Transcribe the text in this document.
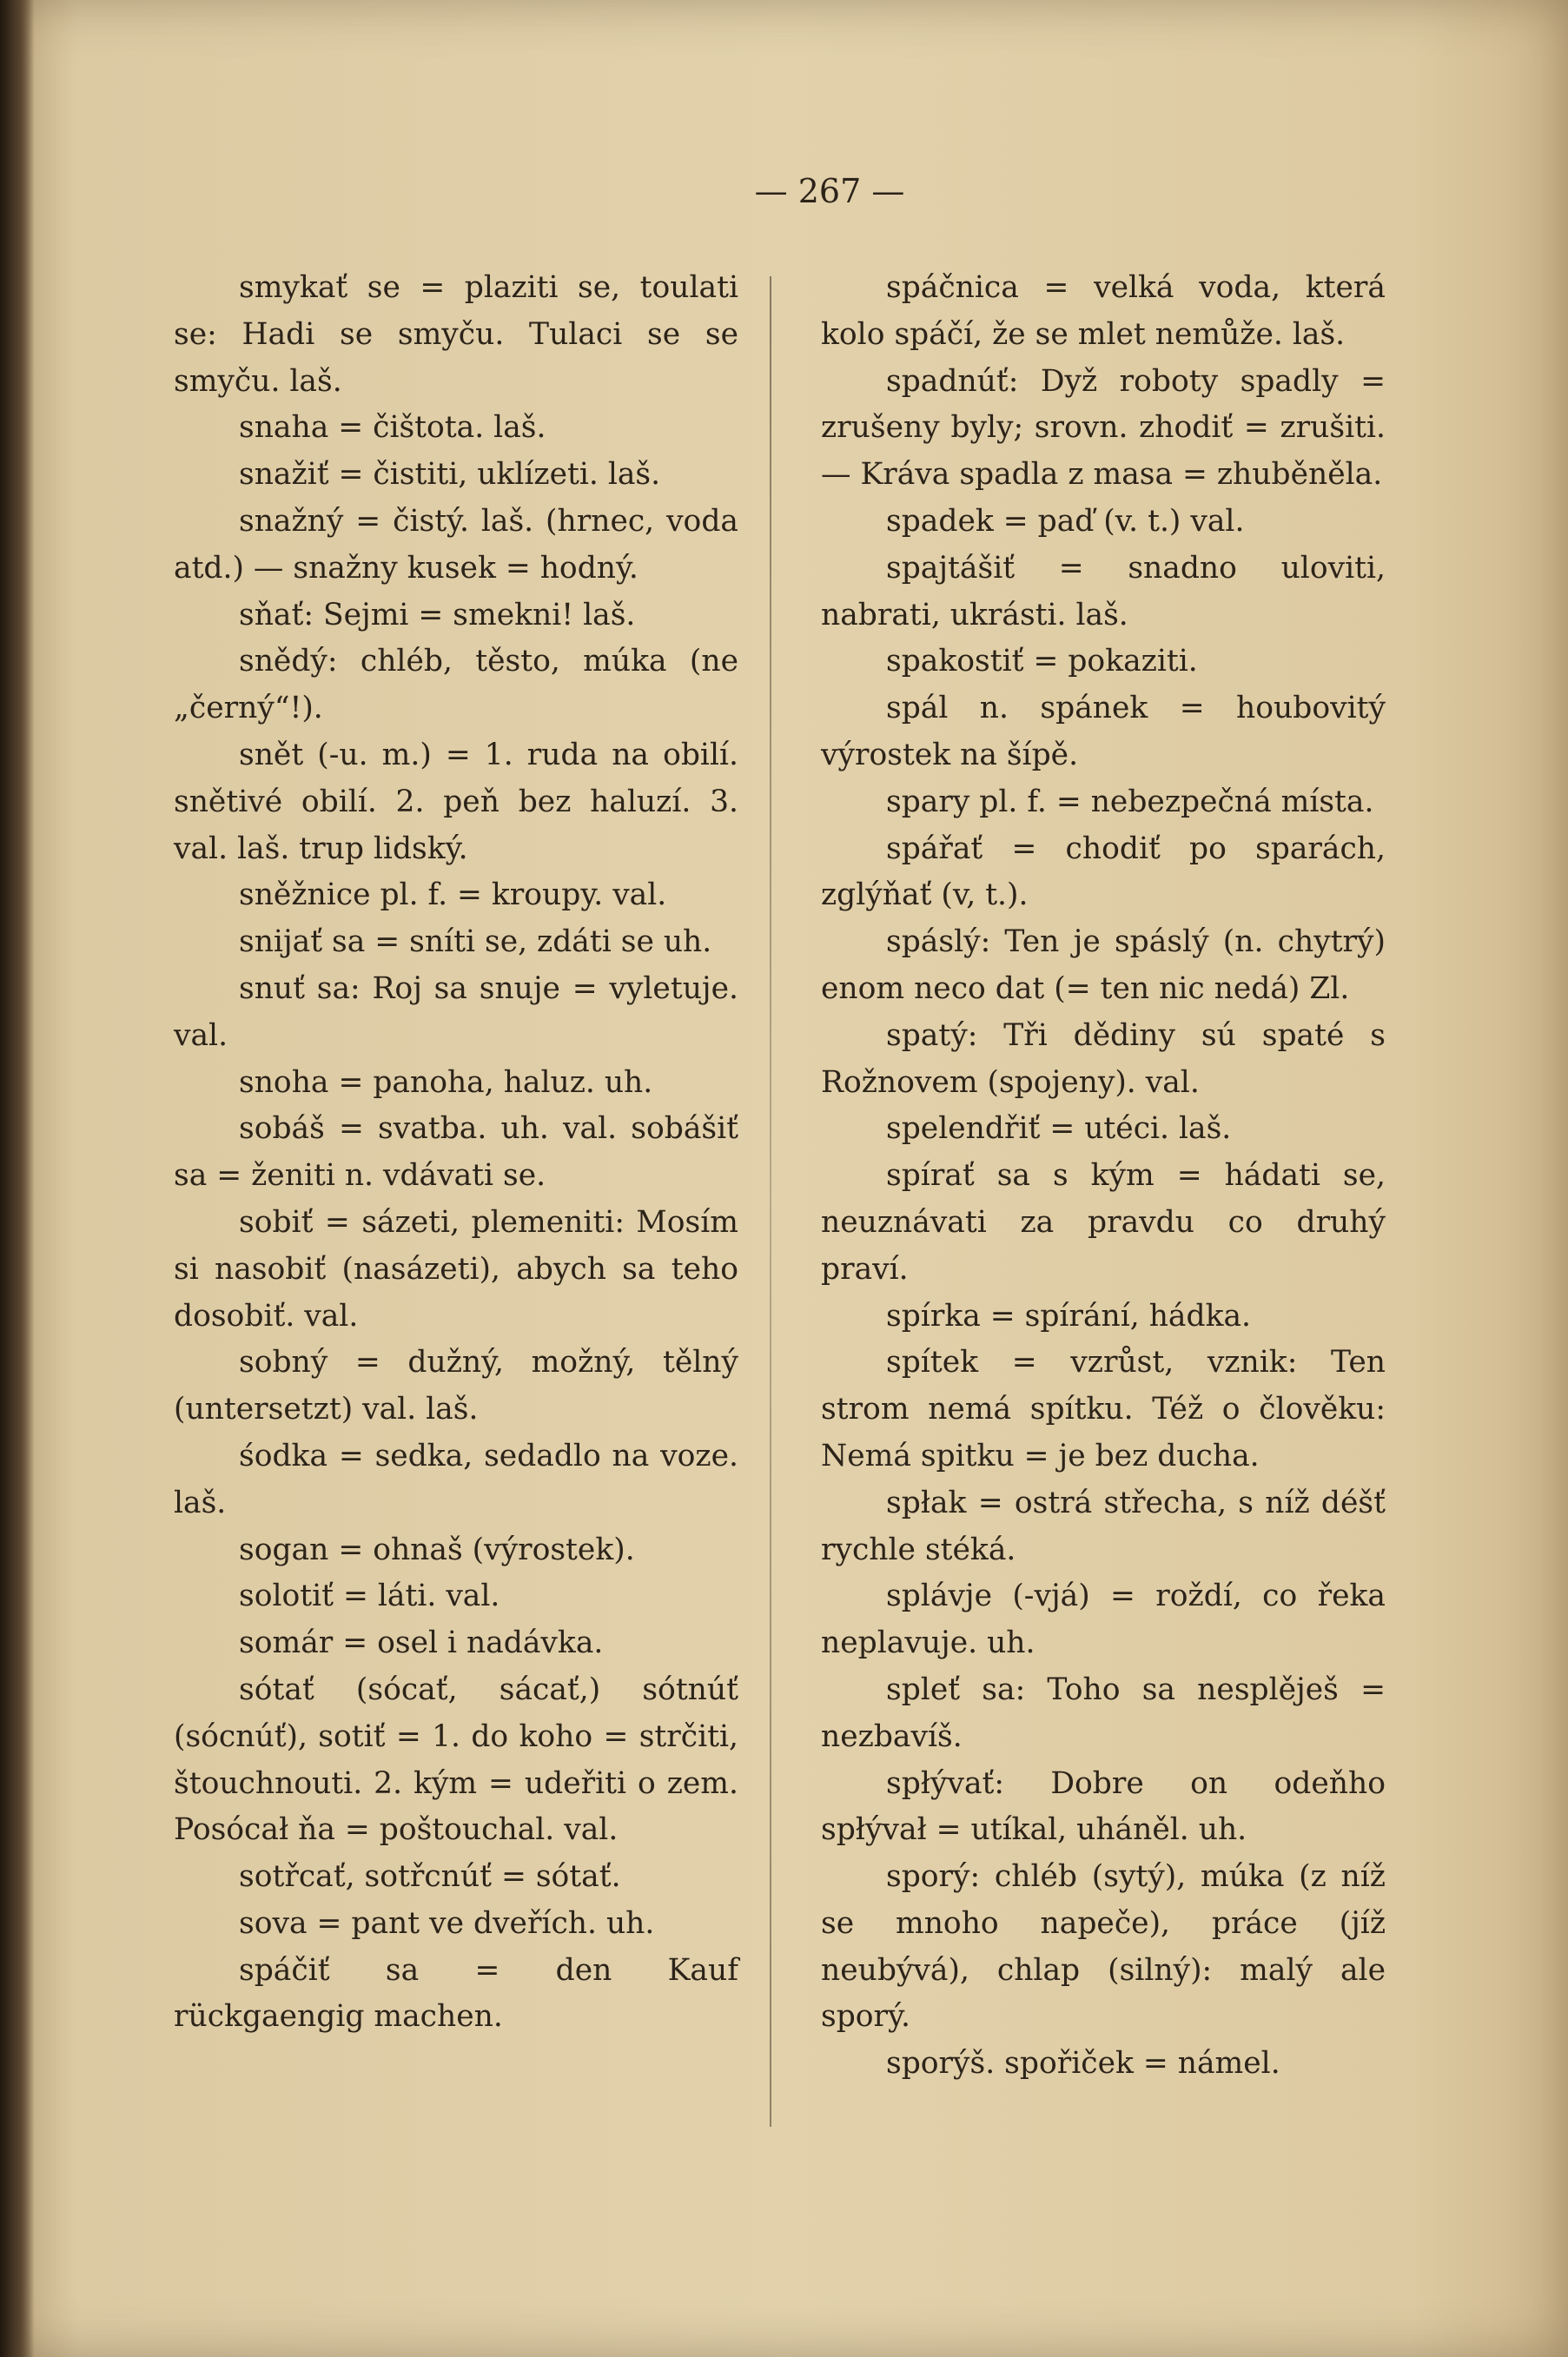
— 267 —
smykať se = plaziti se, toulati se: Hadi se smyču. Tulaci se se smyču. laš.
snaha = čištota. laš.
snažiť = čistiti, uklízeti. laš.
snažný = čistý. laš. (hrnec, voda atd.) — snažny kusek = hodný.
sňať: Sejmi = smekni! laš.
snědý: chléb, těsto, múka (ne „černý“!).
snět (-u. m.) = 1. ruda na obilí. snětivé obilí. 2. peň bez haluzí. 3. val. laš. trup lidský.
sněžnice pl. f. = kroupy. val.
snijať sa = sníti se, zdáti se uh.
snuť sa: Roj sa snuje = vyletuje. val.
snoha = panoha, haluz. uh.
sobáš = svatba. uh. val. sobášiť sa = ženiti n. vdávati se.
sobiť = sázeti, plemeniti: Mosím si nasobiť (nasázeti), abych sa teho dosobiť. val.
sobný = dužný, možný, tělný (untersetzt) val. laš.
śodka = sedka, sedadlo na voze. laš.
sogan = ohnaš (výrostek).
solotiť = láti. val.
somár = osel i nadávka.
sótať (sócať, sácať,) sótnúť (sócnúť), sotiť = 1. do koho = strčiti, štouchnouti. 2. kým = udeřiti o zem. Posócał ňa = poštouchal. val.
sotřcať, sotřcnúť = sótať.
sova = pant ve dveřích. uh.
spáčiť sa = den Kauf rückgaengig machen.
spáčnica = velká voda, která kolo spáčí, že se mlet nemůže. laš.
spadnúť: Dyž roboty spadly = zrušeny byly; srovn. zhodiť = zrušiti. — Kráva spadla z masa = zhuběněla.
spadek = paď (v. t.) val.
spajtášiť = snadno uloviti, nabrati, ukrásti. laš.
spakostiť = pokaziti.
spál n. spánek = houbovitý výrostek na šípě.
spary pl. f. = nebezpečná místa.
spářať = chodiť po sparách, zglýňať (v, t.).
spáslý: Ten je spáslý (n. chytrý) enom neco dat (= ten nic nedá) Zl.
spatý: Tři dědiny sú spaté s Rožnovem (spojeny). val.
spelendřiť = utéci. laš.
spírať sa s kým = hádati se, neuznávati za pravdu co druhý praví.
spírka = spírání, hádka.
spítek = vzrůst, vznik: Ten strom nemá spítku. Též o člověku: Nemá spitku = je bez ducha.
spłak = ostrá střecha, s níž déšť rychle stéká.
splávje (-vjá) = roždí, co řeka neplavuje. uh.
spleť sa: Toho sa nesplěješ = nezbavíš.
spłývať: Dobre on odeňho spłývał = utíkal, uháněl. uh.
sporý: chléb (sytý), múka (z níž se mnoho napeče), práce (jíž neubývá), chlap (silný): malý ale sporý.
sporýš. spořiček = námel.
